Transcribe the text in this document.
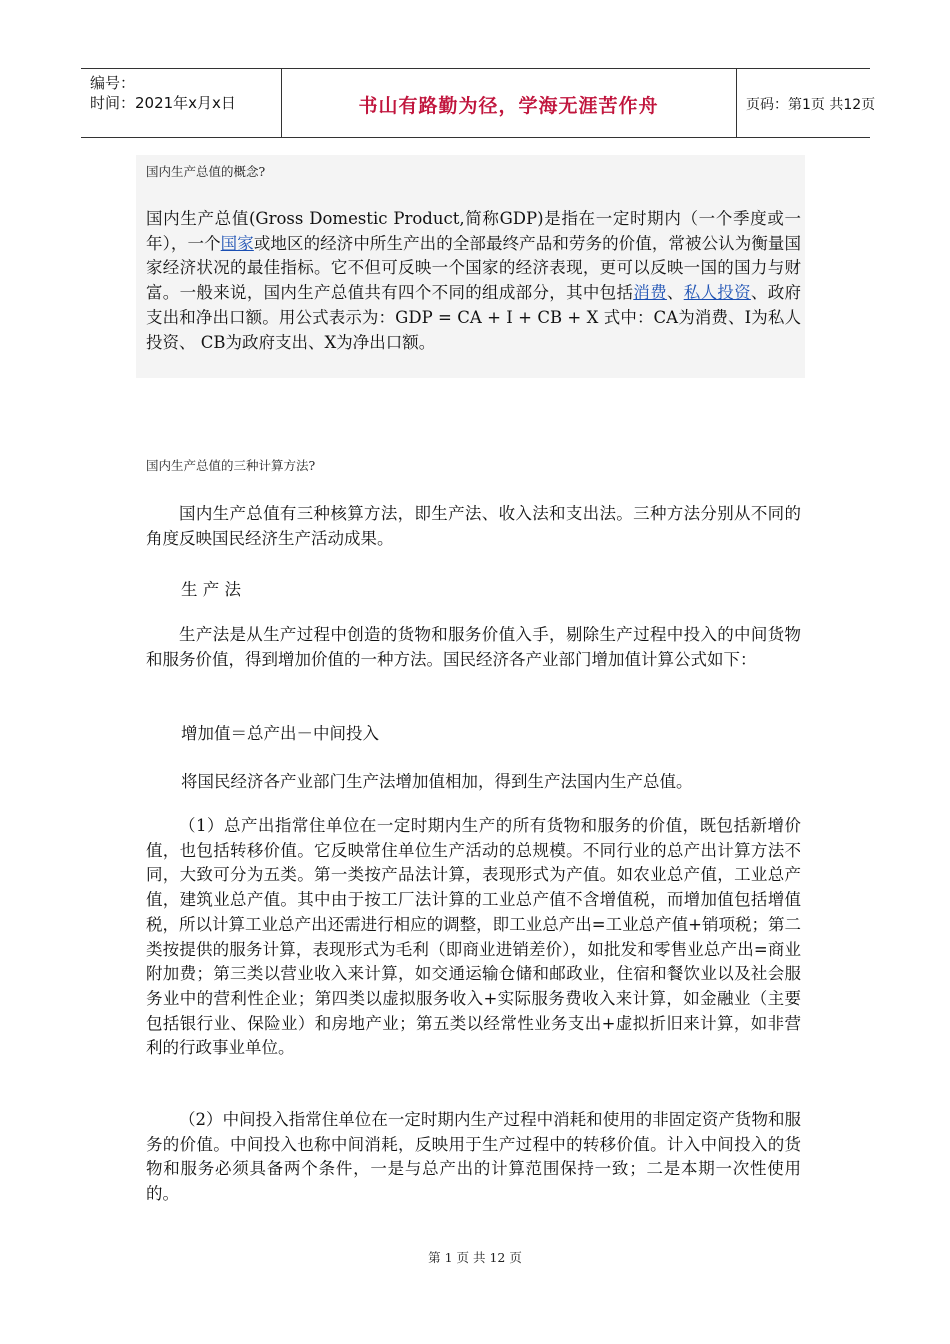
编号：
时间：2021年x月x日	书山有路勤为径，学海无涯苦作舟	页码：第1页 共12页
国内生产总值的概念?

国内生产总值(Gross Domestic Product,简称GDP)是指在一定时期内（一个季度或一年），一个国家或地区的经济中所生产出的全部最终产品和劳务的价值，常被公认为衡量国家经济状况的最佳指标。它不但可反映一个国家的经济表现，更可以反映一国的国力与财富。一般来说，国内生产总值共有四个不同的组成部分，其中包括消费、私人投资、政府支出和净出口额。用公式表示为：GDP = CA + I + CB + X 式中：CA为消费、I为私人投资、 CB为政府支出、X为净出口额。

国内生产总值的三种计算方法?

国内生产总值有三种核算方法，即生产法、收入法和支出法。三种方法分别从不同的角度反映国民经济生产活动成果。

生 产 法

生产法是从生产过程中创造的货物和服务价值入手，剔除生产过程中投入的中间货物和服务价值，得到增加价值的一种方法。国民经济各产业部门增加值计算公式如下：

增加值＝总产出－中间投入
将国民经济各产业部门生产法增加值相加，得到生产法国内生产总值。

（1）总产出指常住单位在一定时期内生产的所有货物和服务的价值，既包括新增价值，也包括转移价值。它反映常住单位生产活动的总规模。不同行业的总产出计算方法不同，大致可分为五类。第一类按产品法计算，表现形式为产值。如农业总产值，工业总产值，建筑业总产值。其中由于按工厂法计算的工业总产值不含增值税，而增加值包括增值税，所以计算工业总产出还需进行相应的调整，即工业总产出=工业总产值+销项税；第二类按提供的服务计算，表现形式为毛利（即商业进销差价），如批发和零售业总产出=商业附加费；第三类以营业收入来计算，如交通运输仓储和邮政业，住宿和餐饮业以及社会服务业中的营利性企业；第四类以虚拟服务收入+实际服务费收入来计算，如金融业（主要包括银行业、保险业）和房地产业；第五类以经常性业务支出+虚拟折旧来计算，如非营利的行政事业单位。

（2）中间投入指常住单位在一定时期内生产过程中消耗和使用的非固定资产货物和服务的价值。中间投入也称中间消耗，反映用于生产过程中的转移价值。计入中间投入的货物和服务必须具备两个条件，一是与总产出的计算范围保持一致；二是本期一次性使用的。

第 1 页 共 12 页
